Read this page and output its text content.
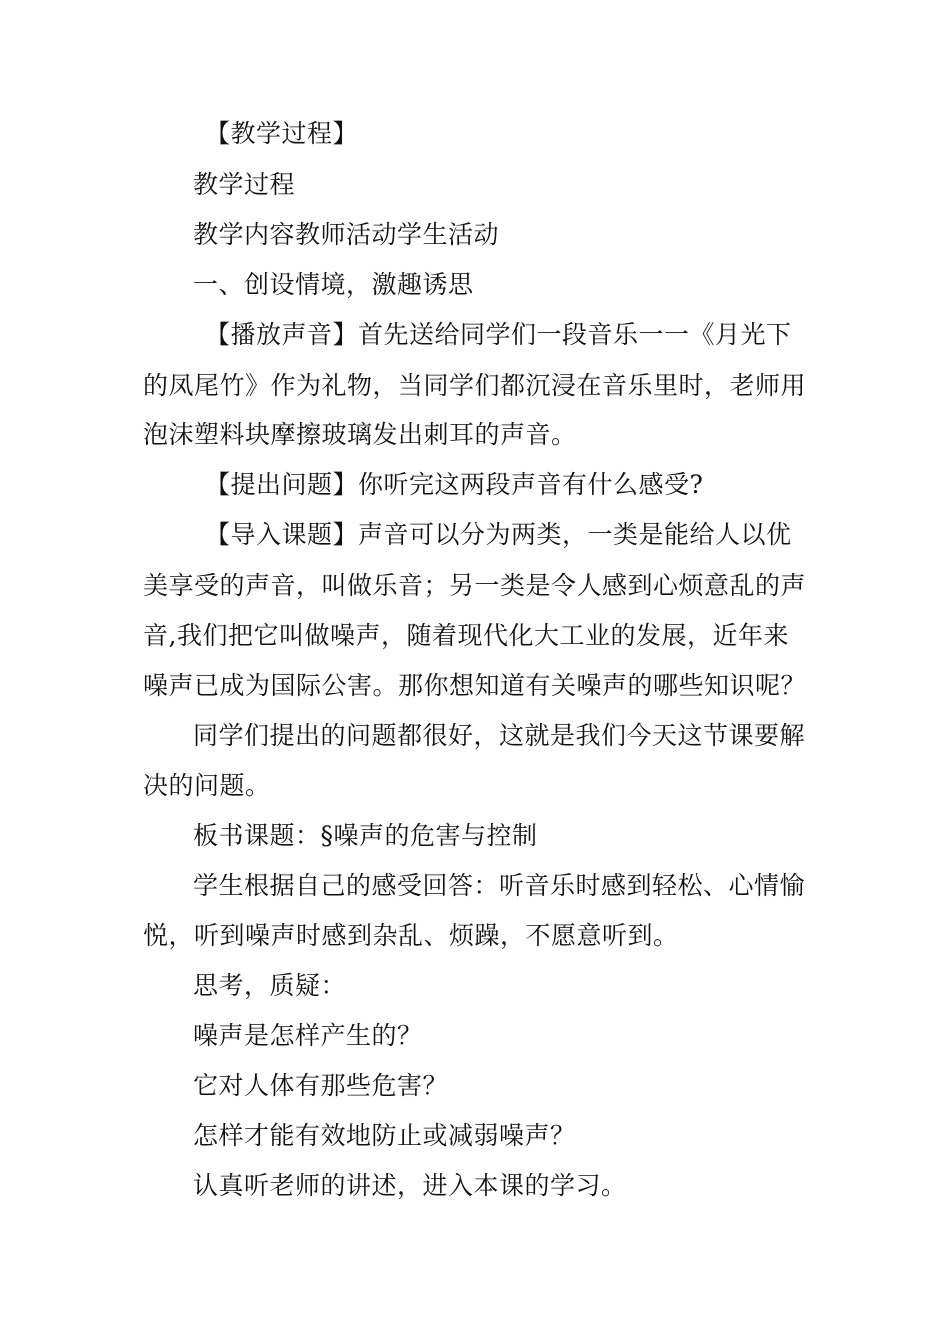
【教学过程】
教学过程
教学内容教师活动学生活动
一、创设情境，激趣诱思
【播放声音】首先送给同学们一段音乐一一《月光下
的凤尾竹》作为礼物，当同学们都沉浸在音乐里时，老师用
泡沫塑料块摩擦玻璃发出刺耳的声音。
【提出问题】你听完这两段声音有什么感受?
【导入课题】声音可以分为两类，一类是能给人以优
美享受的声音，叫做乐音；另一类是令人感到心烦意乱的声
音,我们把它叫做噪声，随着现代化大工业的发展，近年来
噪声已成为国际公害。那你想知道有关噪声的哪些知识呢？
同学们提出的问题都很好，这就是我们今天这节课要解
决的问题。
板书课题：§噪声的危害与控制
学生根据自己的感受回答：听音乐时感到轻松、心情愉
悦，听到噪声时感到杂乱、烦躁，不愿意听到。
思考，质疑：
噪声是怎样产生的？
它对人体有那些危害？
怎样才能有效地防止或减弱噪声？
认真听老师的讲述，进入本课的学习。
